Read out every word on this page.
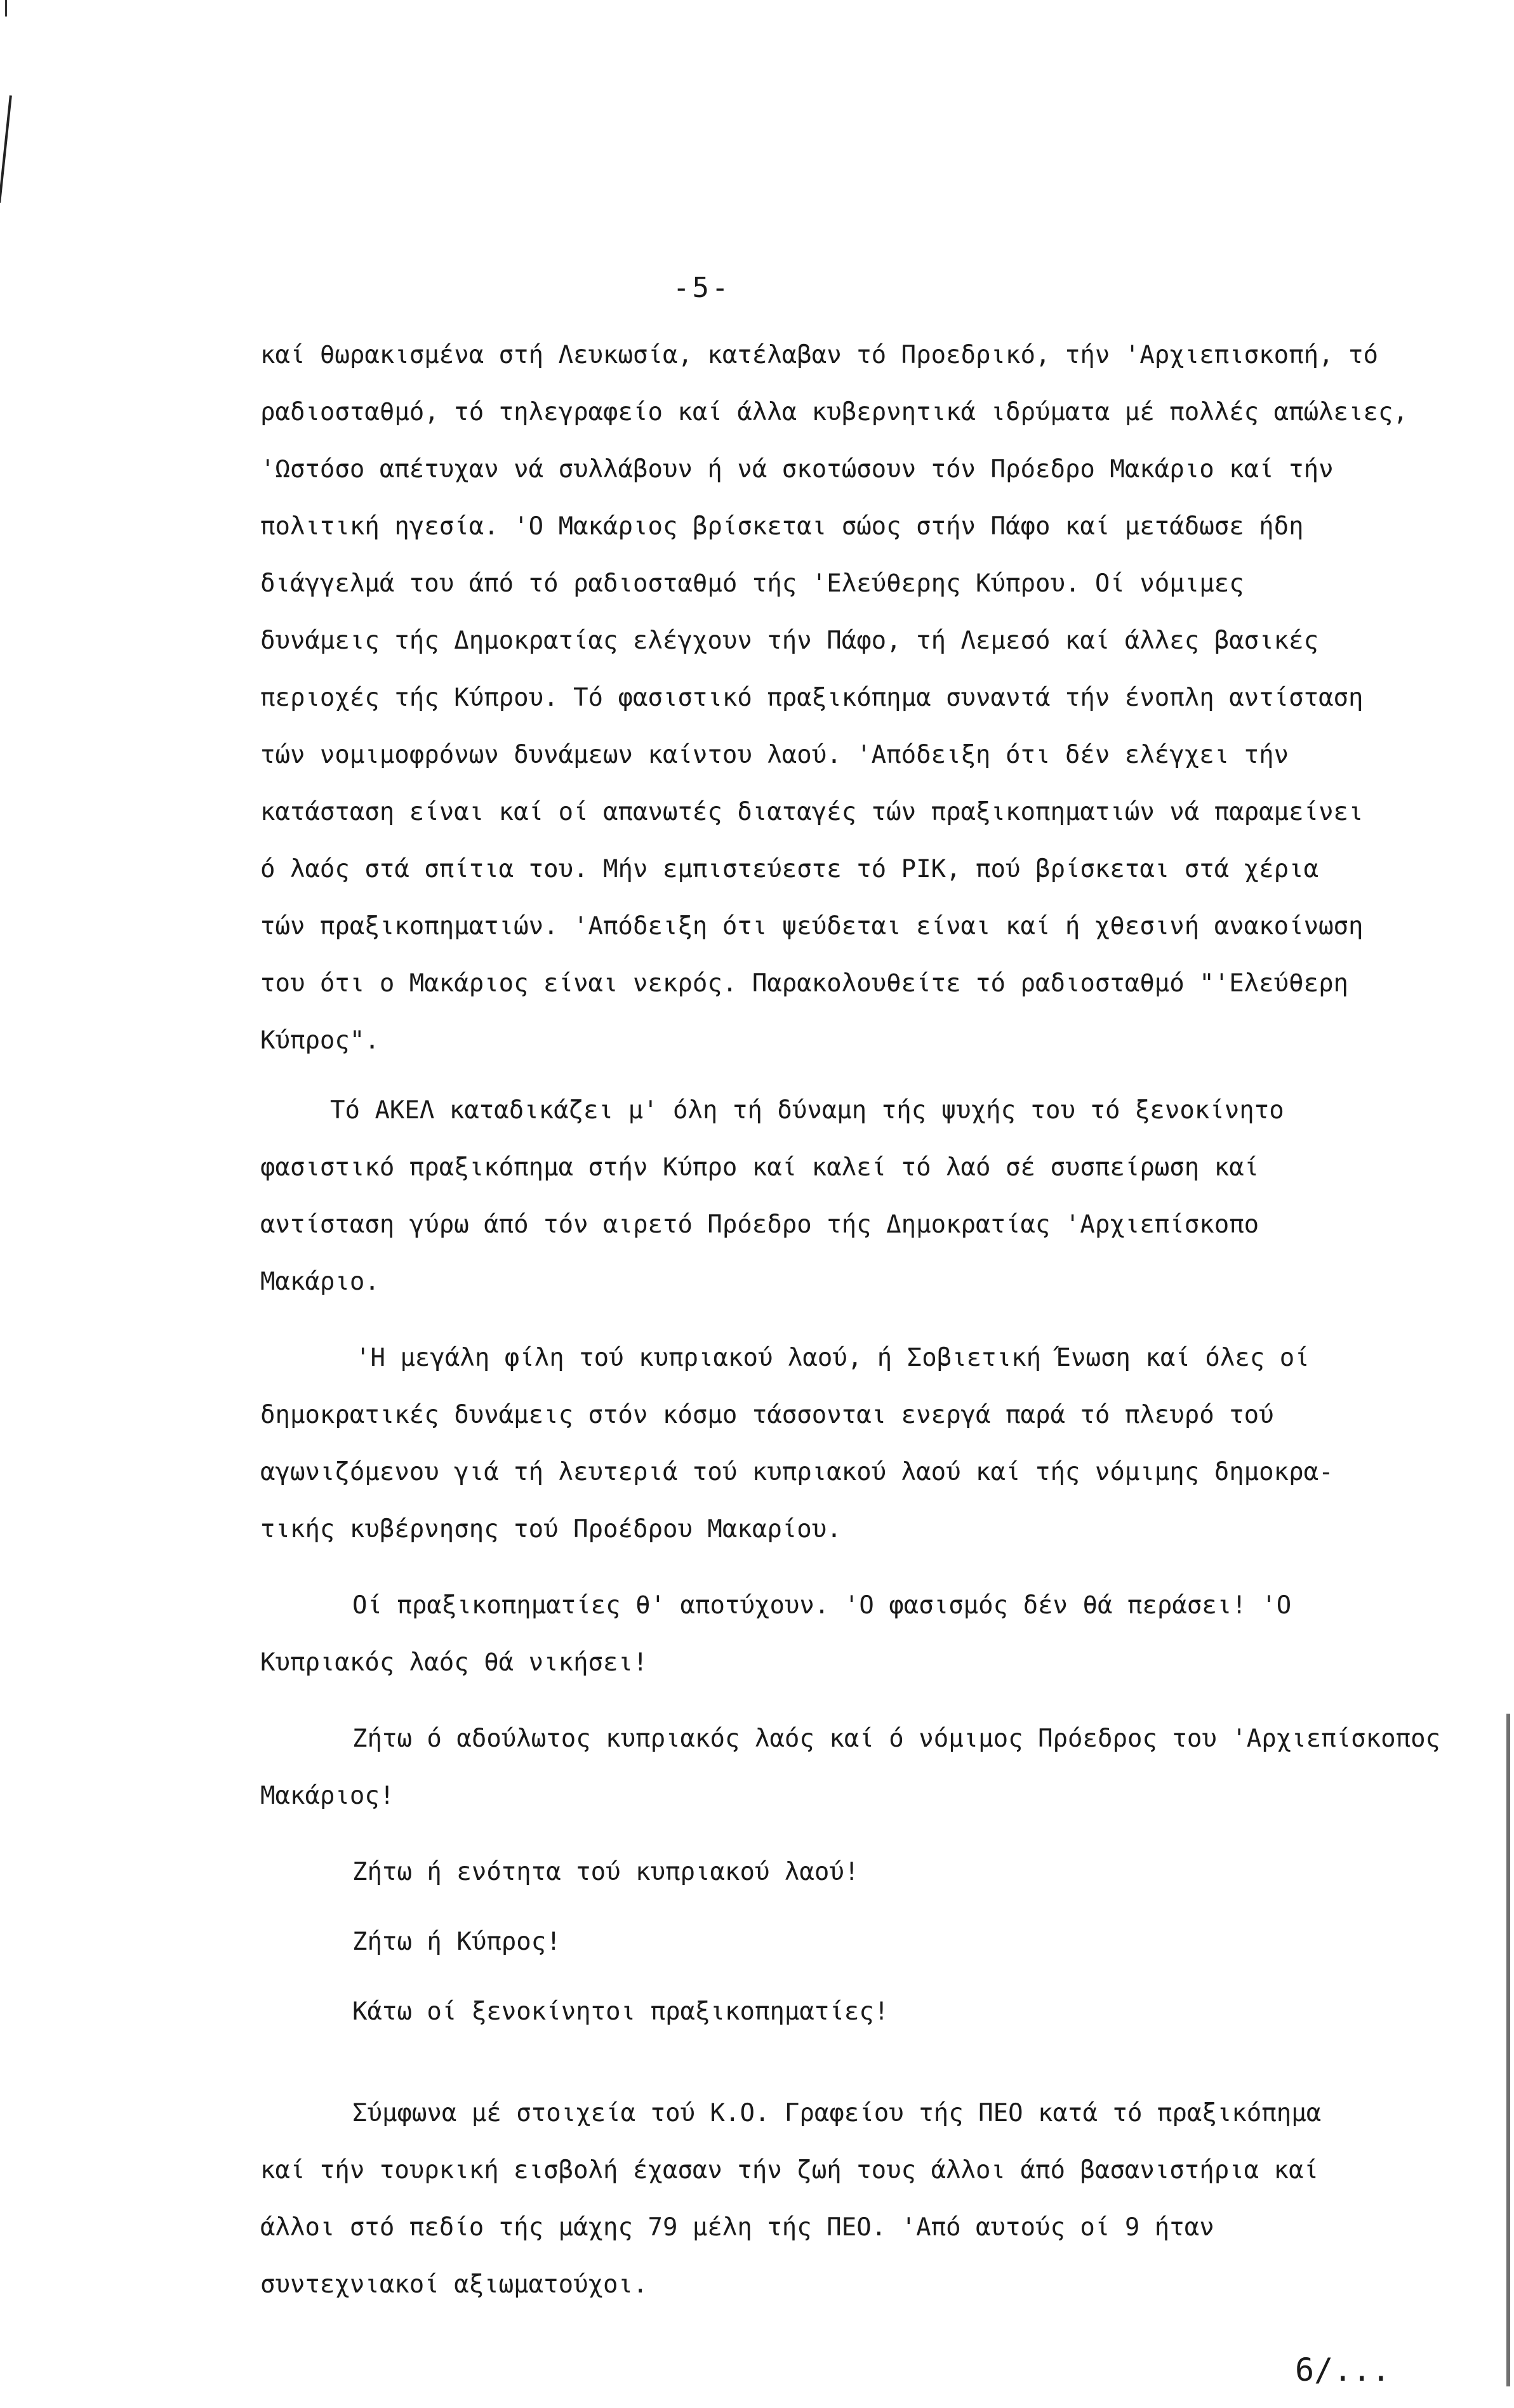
-5-
καί θωρακισμένα στή Λευκωσία, κατέλαβαν τό Προεδρικό, τήν 'Αρχιεπισκοπή, τό
ραδιοσταθμό, τό τηλεγραφείο καί άλλα κυβερνητικά ιδρύματα μέ πολλές απώλειες,
'Ωστόσο απέτυχαν νά συλλάβουν ή νά σκοτώσουν τόν Πρόεδρο Μακάριο καί τήν
πολιτική ηγεσία. 'Ο Μακάριος βρίσκεται σώος στήν Πάφο καί μετάδωσε ήδη
διάγγελμά του άπό τό ραδιοσταθμό τής 'Ελεύθερης Κύπρου. Οί νόμιμες
δυνάμεις τής Δημοκρατίας ελέγχουν τήν Πάφο, τή Λεμεσό καί άλλες βασικές
περιοχές τής Κύπρου. Τό φασιστικό πραξικόπημα συναντά τήν ένοπλη αντίσταση
τών νομιμοφρόνων δυνάμεων καίντου λαού. 'Απόδειξη ότι δέν ελέγχει τήν
κατάσταση είναι καί οί απανωτές διαταγές τών πραξικοπηματιών νά παραμείνει
ό λαός στά σπίτια του. Μήν εμπιστεύεστε τό ΡΙΚ, πού βρίσκεται στά χέρια
τών πραξικοπηματιών. 'Απόδειξη ότι ψεύδεται είναι καί ή χθεσινή ανακοίνωση
του ότι ο Μακάριος είναι νεκρός. Παρακολουθείτε τό ραδιοσταθμό "'Ελεύθερη
Κύπρος".
Τό ΑΚΕΛ καταδικάζει μ' όλη τή δύναμη τής ψυχής του τό ξενοκίνητο
φασιστικό πραξικόπημα στήν Κύπρο καί καλεί τό λαό σέ συσπείρωση καί
αντίσταση γύρω άπό τόν αιρετό Πρόεδρο τής Δημοκρατίας 'Αρχιεπίσκοπο
Μακάριο.
'Η μεγάλη φίλη τού κυπριακού λαού, ή Σοβιετική Ένωση καί όλες οί
δημοκρατικές δυνάμεις στόν κόσμο τάσσονται ενεργά παρά τό πλευρό τού
αγωνιζόμενου γιά τή λευτεριά τού κυπριακού λαού καί τής νόμιμης δημοκρα-
τικής κυβέρνησης τού Προέδρου Μακαρίου.
Οί πραξικοπηματίες θ' αποτύχουν. 'Ο φασισμός δέν θά περάσει! 'Ο
Κυπριακός λαός θά νικήσει!
Ζήτω ό αδούλωτος κυπριακός λαός καί ό νόμιμος Πρόεδρος του 'Αρχιεπίσκοπος
Μακάριος!
Ζήτω ή ενότητα τού κυπριακού λαού!
Ζήτω ή Κύπρος!
Κάτω οί ξενοκίνητοι πραξικοπηματίες!
Σύμφωνα μέ στοιχεία τού Κ.Ο. Γραφείου τής ΠΕΟ κατά τό πραξικόπημα
καί τήν τουρκική εισβολή έχασαν τήν ζωή τους άλλοι άπό βασανιστήρια καί
άλλοι στό πεδίο τής μάχης 79 μέλη τής ΠΕΟ. 'Από αυτούς οί 9 ήταν
συντεχνιακοί αξιωματούχοι.
6/...
